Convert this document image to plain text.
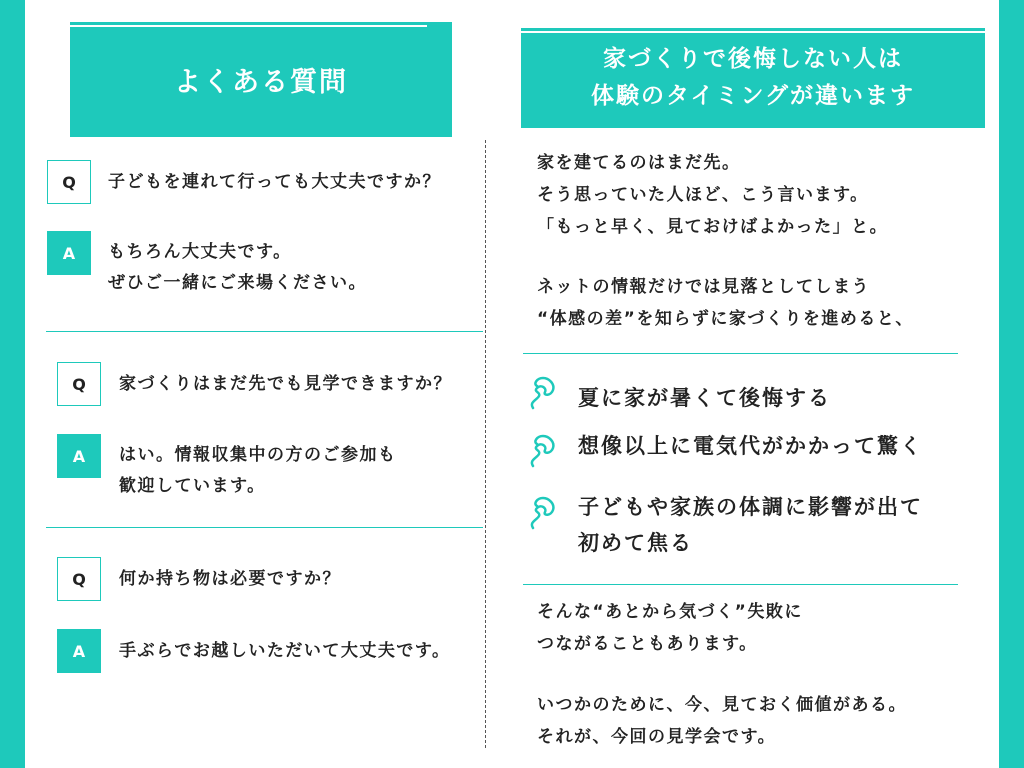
よくある質問
家づくりで後悔しない人は
体験のタイミングが違います
Q	子どもを連れて行っても大丈夫ですか？
A	もちろん大丈夫です。
ぜひご一緒にご来場ください。
Q	家づくりはまだ先でも見学できますか？
A	はい。情報収集中の方のご参加も
歓迎しています。
Q	何か持ち物は必要ですか？
A	手ぶらでお越しいただいて大丈夫です。
家を建てるのはまだ先。
そう思っていた人ほど、こう言います。
「もっと早く、見ておけばよかった」と。
ネットの情報だけでは見落としてしまう
“体感の差”を知らずに家づくりを進めると、
夏に家が暑くて後悔する
想像以上に電気代がかかって驚く
子どもや家族の体調に影響が出て
初めて焦る
そんな“あとから気づく”失敗に
つながることもあります。
いつかのために、今、見ておく価値がある。
それが、今回の見学会です。
